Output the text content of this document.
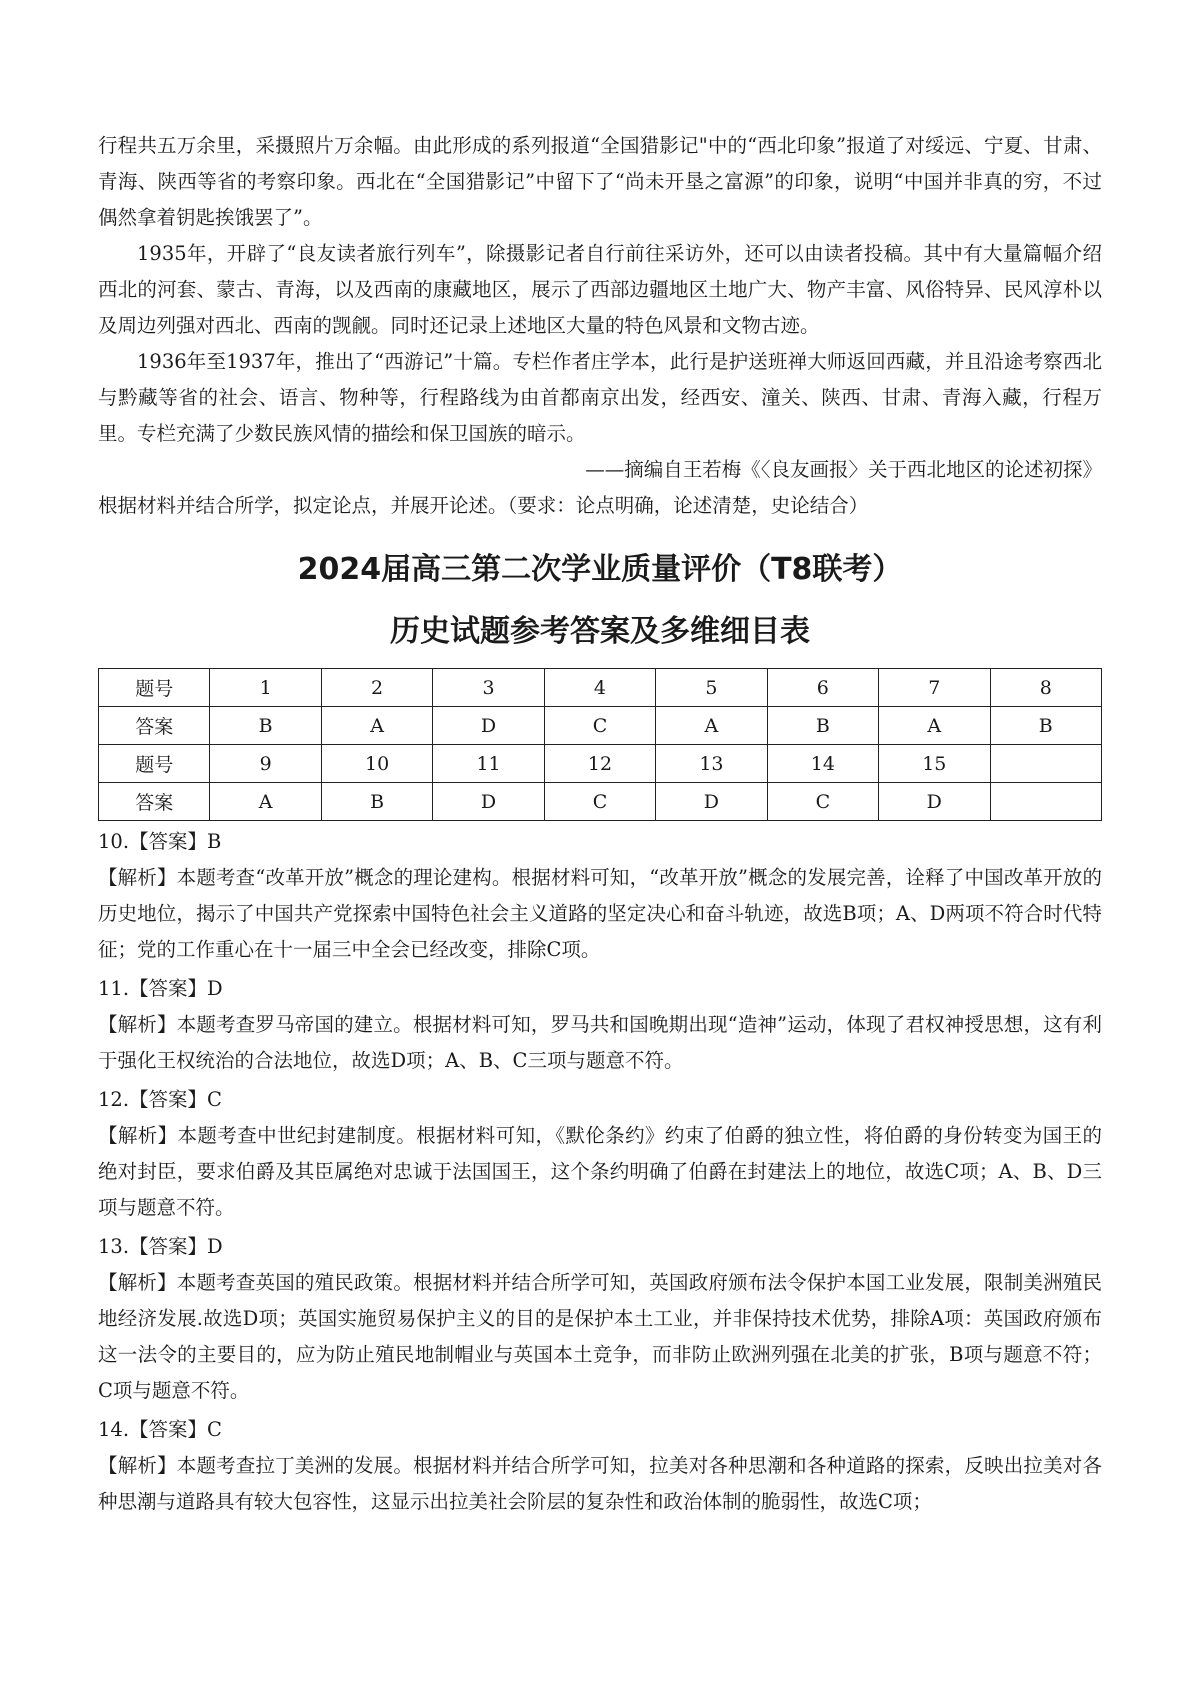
行程共五万余里，采摄照片万余幅。由此形成的系列报道“全国猎影记"中的“西北印象”报道了对绥远、宁夏、甘肃、青海、陕西等省的考察印象。西北在“全国猎影记”中留下了“尚未开垦之富源”的印象，说明“中国并非真的穷，不过偶然拿着钥匙挨饿罢了”。

1935年，开辟了“良友读者旅行列车”，除摄影记者自行前往采访外，还可以由读者投稿。其中有大量篇幅介绍西北的河套、蒙古、青海，以及西南的康藏地区，展示了西部边疆地区土地广大、物产丰富、风俗特异、民风淳朴以及周边列强对西北、西南的觊觎。同时还记录上述地区大量的特色风景和文物古迹。

1936年至1937年，推出了“西游记”十篇。专栏作者庄学本，此行是护送班禅大师返回西藏，并且沿途考察西北与黔藏等省的社会、语言、物种等，行程路线为由首都南京出发，经西安、潼关、陕西、甘肃、青海入藏，行程万里。专栏充满了少数民族风情的描绘和保卫国族的暗示。

——摘编自王若梅《〈良友画报〉关于西北地区的论述初探》

根据材料并结合所学，拟定论点，并展开论述。（要求：论点明确，论述清楚，史论结合）

2024届高三第二次学业质量评价（T8联考）
历史试题参考答案及多维细目表
题号	1	2	3	4	5	6	7	8
答案	B	A	D	C	A	B	A	B
题号	9	10	11	12	13	14	15	
答案	A	B	D	C	D	C	D	

10.【答案】B

【解析】本题考查“改革开放”概念的理论建构。根据材料可知，“改革开放”概念的发展完善，诠释了中国改革开放的历史地位，揭示了中国共产党探索中国特色社会主义道路的坚定决心和奋斗轨迹，故选B项；A、D两项不符合时代特征；党的工作重心在十一届三中全会已经改变，排除C项。

11.【答案】D

【解析】本题考查罗马帝国的建立。根据材料可知，罗马共和国晚期出现“造神”运动，体现了君权神授思想，这有利于强化王权统治的合法地位，故选D项；A、B、C三项与题意不符。

12.【答案】C

【解析】本题考查中世纪封建制度。根据材料可知，《默伦条约》约束了伯爵的独立性，将伯爵的身份转变为国王的绝对封臣，要求伯爵及其臣属绝对忠诚于法国国王，这个条约明确了伯爵在封建法上的地位，故选C项；A、B、D三项与题意不符。

13.【答案】D

【解析】本题考查英国的殖民政策。根据材料并结合所学可知，英国政府颁布法令保护本国工业发展，限制美洲殖民地经济发展.故选D项；英国实施贸易保护主义的目的是保护本土工业，并非保持技术优势，排除A项：英国政府颁布这一法令的主要目的，应为防止殖民地制帽业与英国本土竞争，而非防止欧洲列强在北美的扩张，B项与题意不符；C项与题意不符。

14.【答案】C

【解析】本题考查拉丁美洲的发展。根据材料并结合所学可知，拉美对各种思潮和各种道路的探索，反映出拉美对各种思潮与道路具有较大包容性，这显示出拉美社会阶层的复杂性和政治体制的脆弱性，故选C项；
